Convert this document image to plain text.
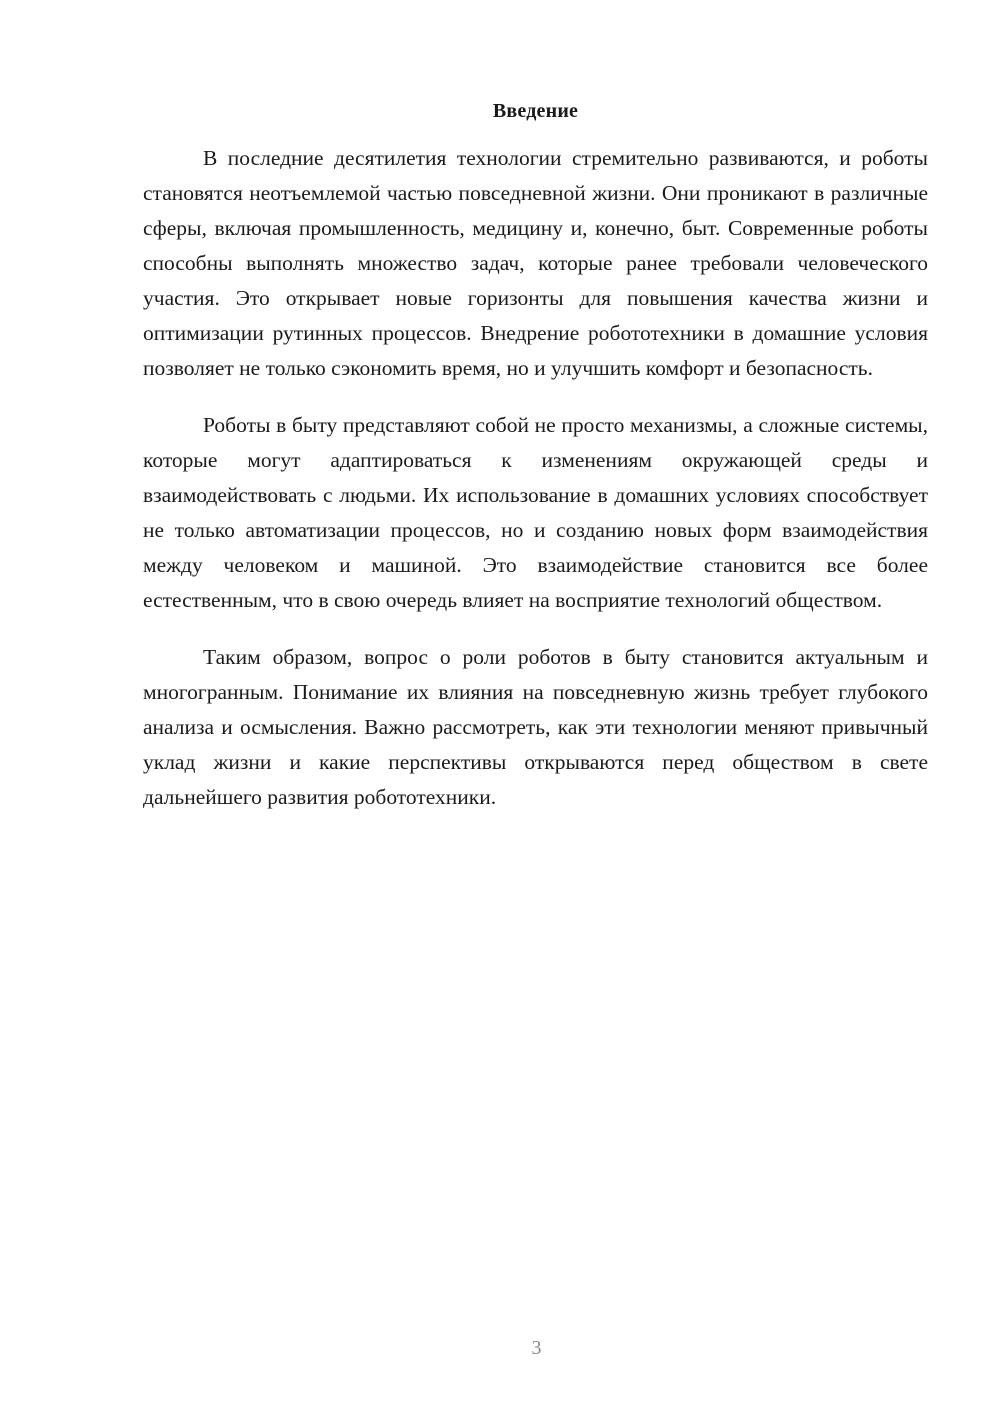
Введение

В последние десятилетия технологии стремительно развиваются, и роботы становятся неотъемлемой частью повседневной жизни. Они проникают в различные сферы, включая промышленность, медицину и, конечно, быт. Современные роботы способны выполнять множество задач, которые ранее требовали человеческого участия. Это открывает новые горизонты для повышения качества жизни и оптимизации рутинных процессов. Внедрение робототехники в домашние условия позволяет не только сэкономить время, но и улучшить комфорт и безопасность.

Роботы в быту представляют собой не просто механизмы, а сложные системы, которые могут адаптироваться к изменениям окружающей среды и взаимодействовать с людьми. Их использование в домашних условиях способствует не только автоматизации процессов, но и созданию новых форм взаимодействия между человеком и машиной. Это взаимодействие становится все более естественным, что в свою очередь влияет на восприятие технологий обществом.

Таким образом, вопрос о роли роботов в быту становится актуальным и многогранным. Понимание их влияния на повседневную жизнь требует глубокого анализа и осмысления. Важно рассмотреть, как эти технологии меняют привычный уклад жизни и какие перспективы открываются перед обществом в свете дальнейшего развития робототехники.

3
